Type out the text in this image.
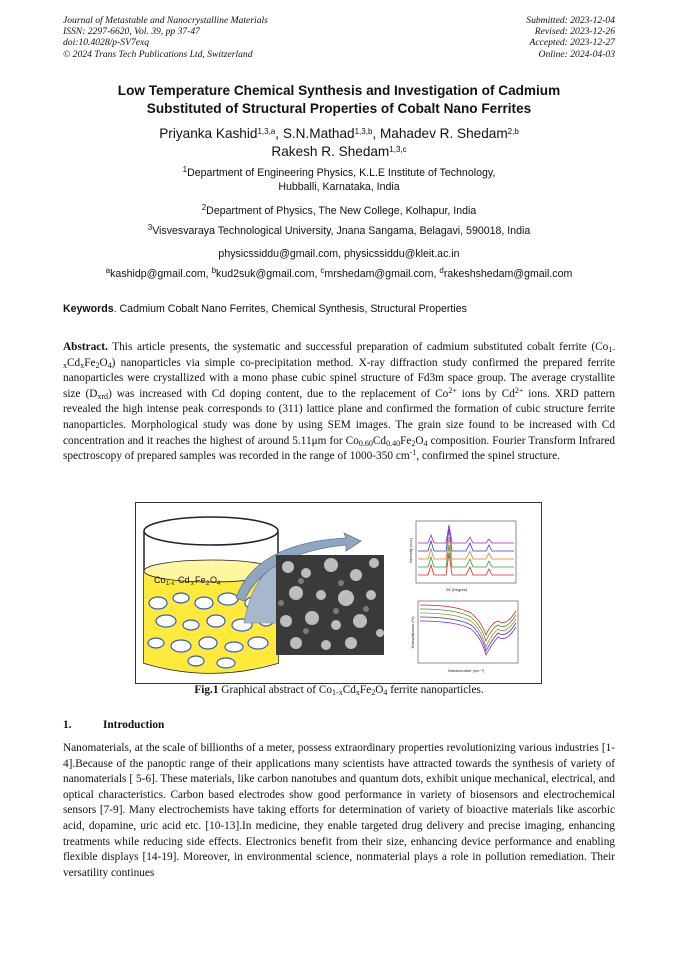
Journal of Metastable and Nanocrystalline Materials
ISSN: 2297-6620, Vol. 39, pp 37-47
doi:10.4028/p-SV7exq
© 2024 Trans Tech Publications Ltd, Switzerland
Submitted: 2023-12-04
Revised: 2023-12-26
Accepted: 2023-12-27
Online: 2024-04-03
Low Temperature Chemical Synthesis and Investigation of Cadmium
Substituted of Structural Properties of Cobalt Nano Ferrites
Priyanka Kashid$^{1,3,a}$, S.N.Mathad$^{1,3,b}$, Mahadev R. Shedam$^{2,b}$
Rakesh R. Shedam$^{1,3,c}$
$^1$Department of Engineering Physics, K.L.E Institute of Technology,
Hubballi, Karnataka, India
$^2$Department of Physics, The New College, Kolhapur, India
$^3$Visvesvaraya Technological University, Jnana Sangama, Belagavi, 590018, India
physicssiddu@gmail.com, physicssiddu@kleit.ac.in
$^a$kashidp@gmail.com, $^b$kud2suk@gmail.com, $^c$mrshedam@gmail.com, $^d$rakeshshedam@gmail.com
Keywords. Cadmium Cobalt Nano Ferrites, Chemical Synthesis, Structural Properties
Abstract. This article presents, the systematic and successful preparation of cadmium substituted cobalt ferrite $(Co_{1-x}Cd_xFe_2O_4)$ nanoparticles via simple co-precipitation method. X-ray diffraction study confirmed the prepared ferrite nanoparticles were crystallized with a mono phase cubic spinel structure of Fd3m space group. The average crystallite size $(D_{xrd})$ was increased with Cd doping content, due to the replacement of $Co^{2+}$ ions by $Cd^{2+}$ ions. XRD pattern revealed the high intense peak corresponds to (311) lattice plane and confirmed the formation of cubic structure ferrite nanoparticles. Morphological study was done by using SEM images. The grain size found to be increased with Cd concentration and it reaches the highest of around 5.11μm for $Co_{0.60}Cd_{0.40}Fe_2O_4$ composition. Fourier Transform Infrared spectroscopy of prepared samples was recorded in the range of 1000-350 $cm^{-1}$, confirmed the spinel structure.
Co 1-x Cd x Fe 2 O 4
2θ (Degree)
Intensity (a.u.)
Wavenumber (cm⁻¹)
Transmittance (%)
Fig.1 Graphical abstract of $Co_{1-x}Cd_xFe_2O_4$ ferrite nanoparticles.
1.	Introduction
Nanomaterials, at the scale of billionths of a meter, possess extraordinary properties revolutionizing various industries [1-4].Because of the panoptic range of their applications many scientists have attracted towards the synthesis of variety of nanomaterials [ 5-6]. These materials, like carbon nanotubes and quantum dots, exhibit unique mechanical, electrical, and optical characteristics. Carbon based electrodes show good performance in variety of biosensors and electrochemical sensors [7-9]. Many electrochemists have taking efforts for determination of variety of bioactive materials like ascorbic acid, dopamine, uric acid etc. [10-13].In medicine, they enable targeted drug delivery and precise imaging, enhancing treatments while reducing side effects. Electronics benefit from their size, enhancing device performance and enabling flexible displays [14-19]. Moreover, in environmental science, nonmaterial plays a role in pollution remediation. Their versatility continues
